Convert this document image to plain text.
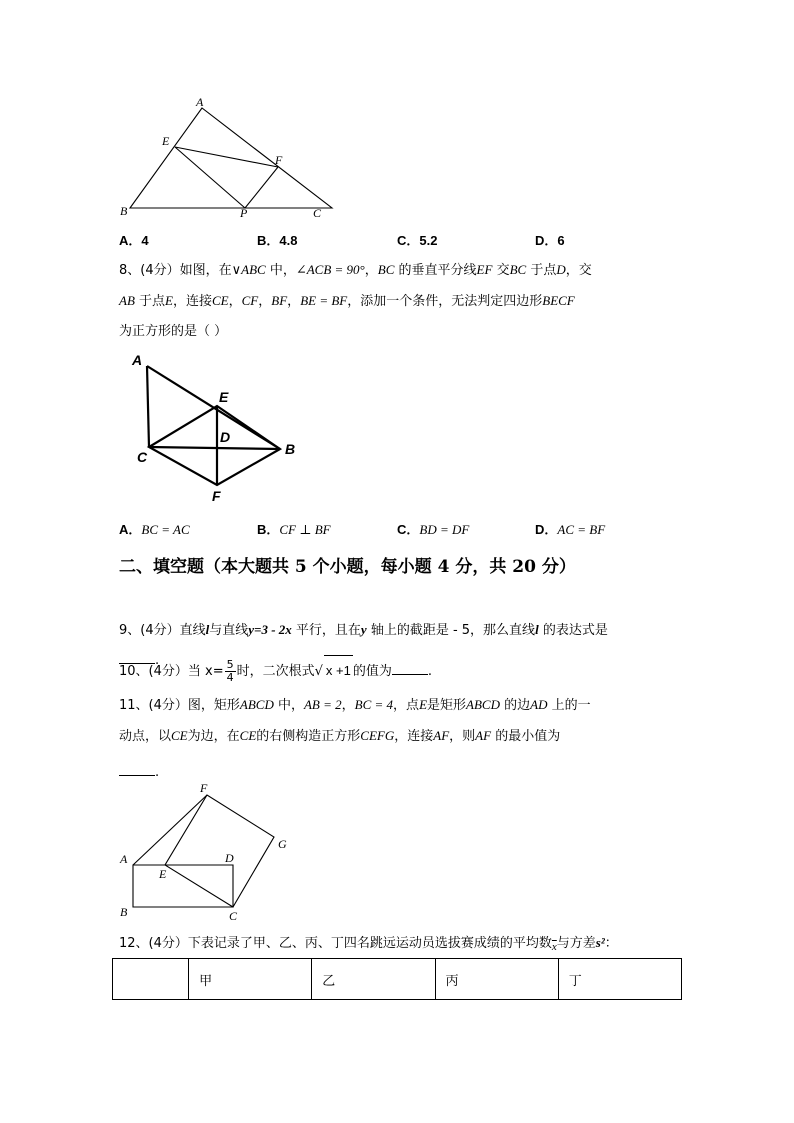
A
E
F
B	P	C
A．4	B．4.8	C．5.2	D．6
8、(4分）如图，在∨ABC 中，∠ACB = 90°，BC 的垂直平分线EF 交BC 于点D，交
AB 于点E，连接CE，CF，BF，BE = BF，添加一个条件，无法判定四边形BECF
为正方形的是（ ）
A
E
D
C	B
F
A．BC = AC	B．CF ⊥ BF	C．BD = DF	D．AC = BF
二、填空题（本大题共 5 个小题，每小题 4 分，共 20 分）
9、(4分）直线l与直线y=3 - 2x 平行，且在y 轴上的截距是 - 5，那么直线l 的表达式是
.
10、(4分）当 $x= \frac{5}{4}$ 时，二次根式√ x +1 的值为	.
11、(4分）图，矩形ABCD 中，AB = 2，BC = 4，点E是矩形ABCD 的边AD 上的一
动点，以CE为边，在CE的右侧构造正方形CEFG，连接AF，则AF 的最小值为
.
F
G
A	D
E
B	C
12、(4分）下表记录了甲、乙、丙、丁四名跳远运动员选拔赛成绩的平均数$_{\overline{x}}$与方差s²：
	甲	乙	丙	丁
